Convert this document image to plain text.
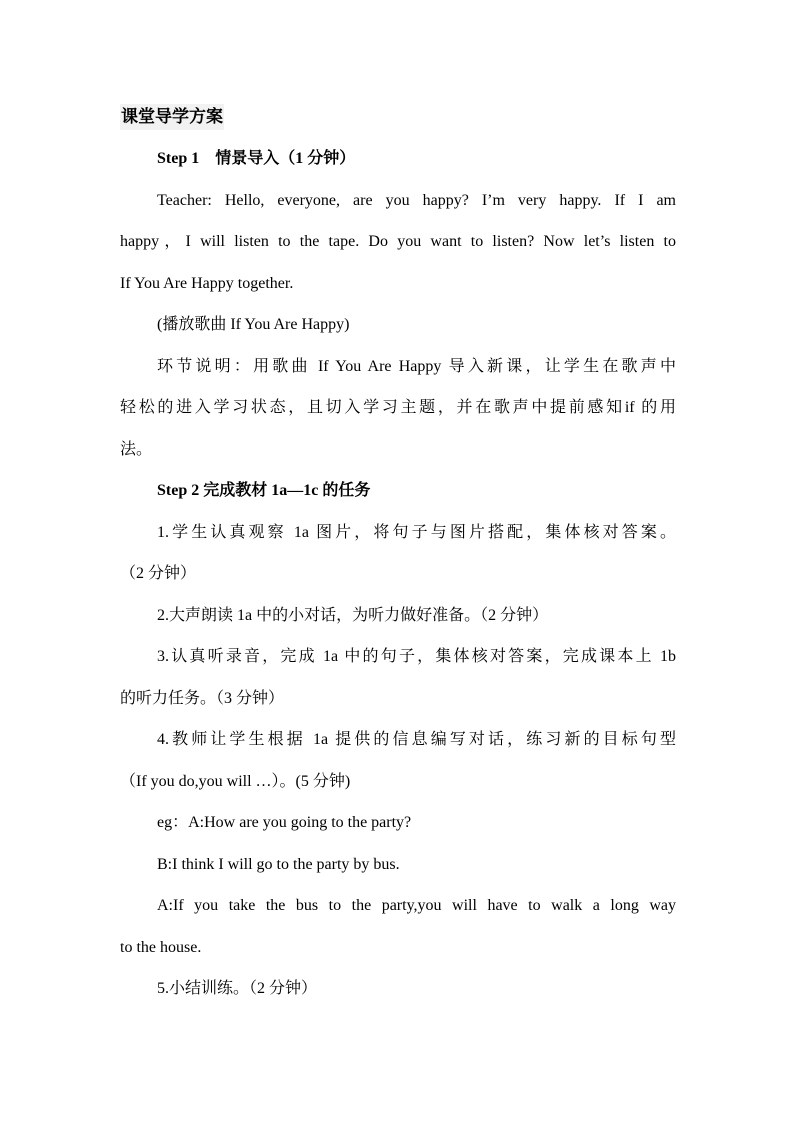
课堂导学方案
Step 1　情景导入（1 分钟）
Teacher: Hello, everyone, are you happy? I’m very happy. If I am
happy，I will listen to the tape. Do you want to listen? Now let’s listen to
If You Are Happy together.
(播放歌曲 If You Are Happy)
环节说明：用歌曲 If You Are Happy 导入新课，让学生在歌声中
轻松的进入学习状态，且切入学习主题，并在歌声中提前感知if 的用
法。
Step 2 完成教材 1a—1c 的任务
1.学生认真观察 1a 图片，将句子与图片搭配，集体核对答案。
（2 分钟）
2.大声朗读 1a 中的小对话，为听力做好准备。（2 分钟）
3.认真听录音，完成 1a 中的句子，集体核对答案，完成课本上 1b
的听力任务。（3 分钟）
4.教师让学生根据 1a 提供的信息编写对话，练习新的目标句型
（If you do,you will …）。(5 分钟)
eg：A:How are you going to the party?
B:I think I will go to the party by bus.
A:If you take the bus to the party,you will have to walk a long way
to the house.
5.小结训练。（2 分钟）
